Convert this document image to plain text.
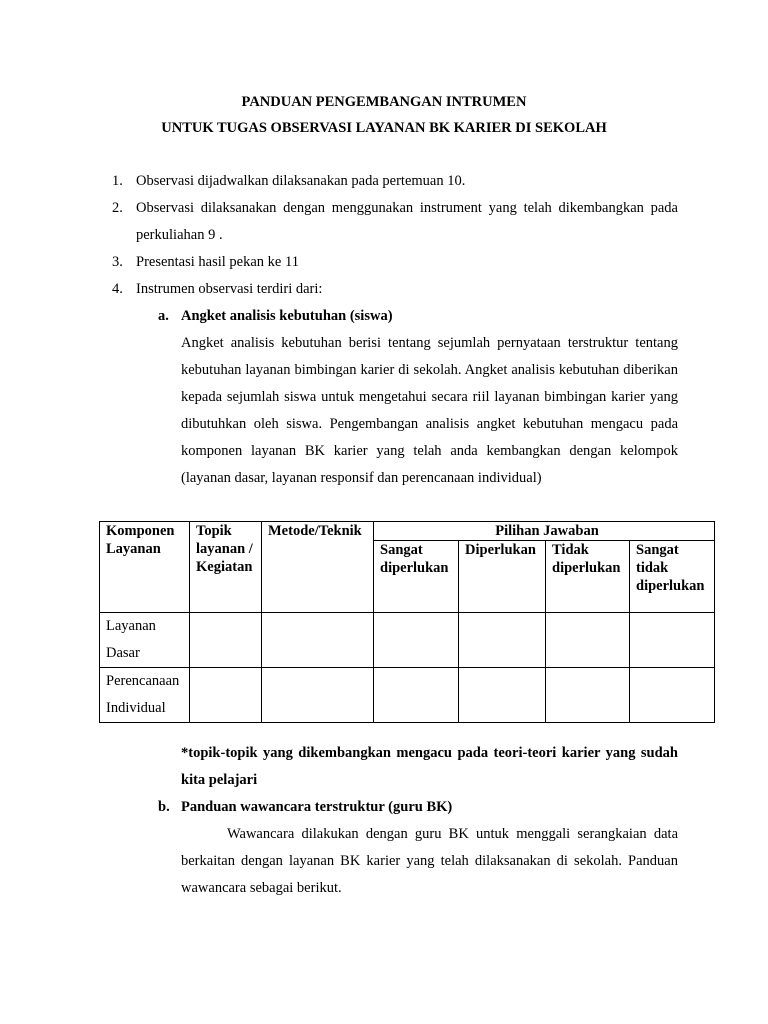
PANDUAN PENGEMBANGAN INTRUMEN
UNTUK TUGAS OBSERVASI LAYANAN BK KARIER DI SEKOLAH
1. Observasi dijadwalkan dilaksanakan pada pertemuan 10.
2. Observasi dilaksanakan dengan menggunakan instrument yang telah dikembangkan pada perkuliahan 9 .
3. Presentasi hasil pekan ke 11
4. Instrumen observasi terdiri dari:
a. Angket analisis kebutuhan (siswa)
Angket analisis kebutuhan berisi tentang sejumlah pernyataan terstruktur tentang kebutuhan layanan bimbingan karier di sekolah. Angket analisis kebutuhan diberikan kepada sejumlah siswa untuk mengetahui secara riil layanan bimbingan karier yang dibutuhkan oleh siswa. Pengembangan analisis angket kebutuhan mengacu pada komponen layanan BK karier yang telah anda kembangkan dengan kelompok (layanan dasar, layanan responsif dan perencanaan individual)
Komponen Layanan	Topik layanan / Kegiatan	Metode/Teknik	Pilihan Jawaban			
			Sangat diperlukan	Diperlukan	Tidak diperlukan	Sangat tidak diperlukan

Layanan
Dasar						

Perencanaan
Individual						

*topik-topik yang dikembangkan mengacu pada teori-teori karier yang sudah kita pelajari
b. Panduan wawancara terstruktur (guru BK)
Wawancara dilakukan dengan guru BK untuk menggali serangkaian data berkaitan dengan layanan BK karier yang telah dilaksanakan di sekolah. Panduan wawancara sebagai berikut.
